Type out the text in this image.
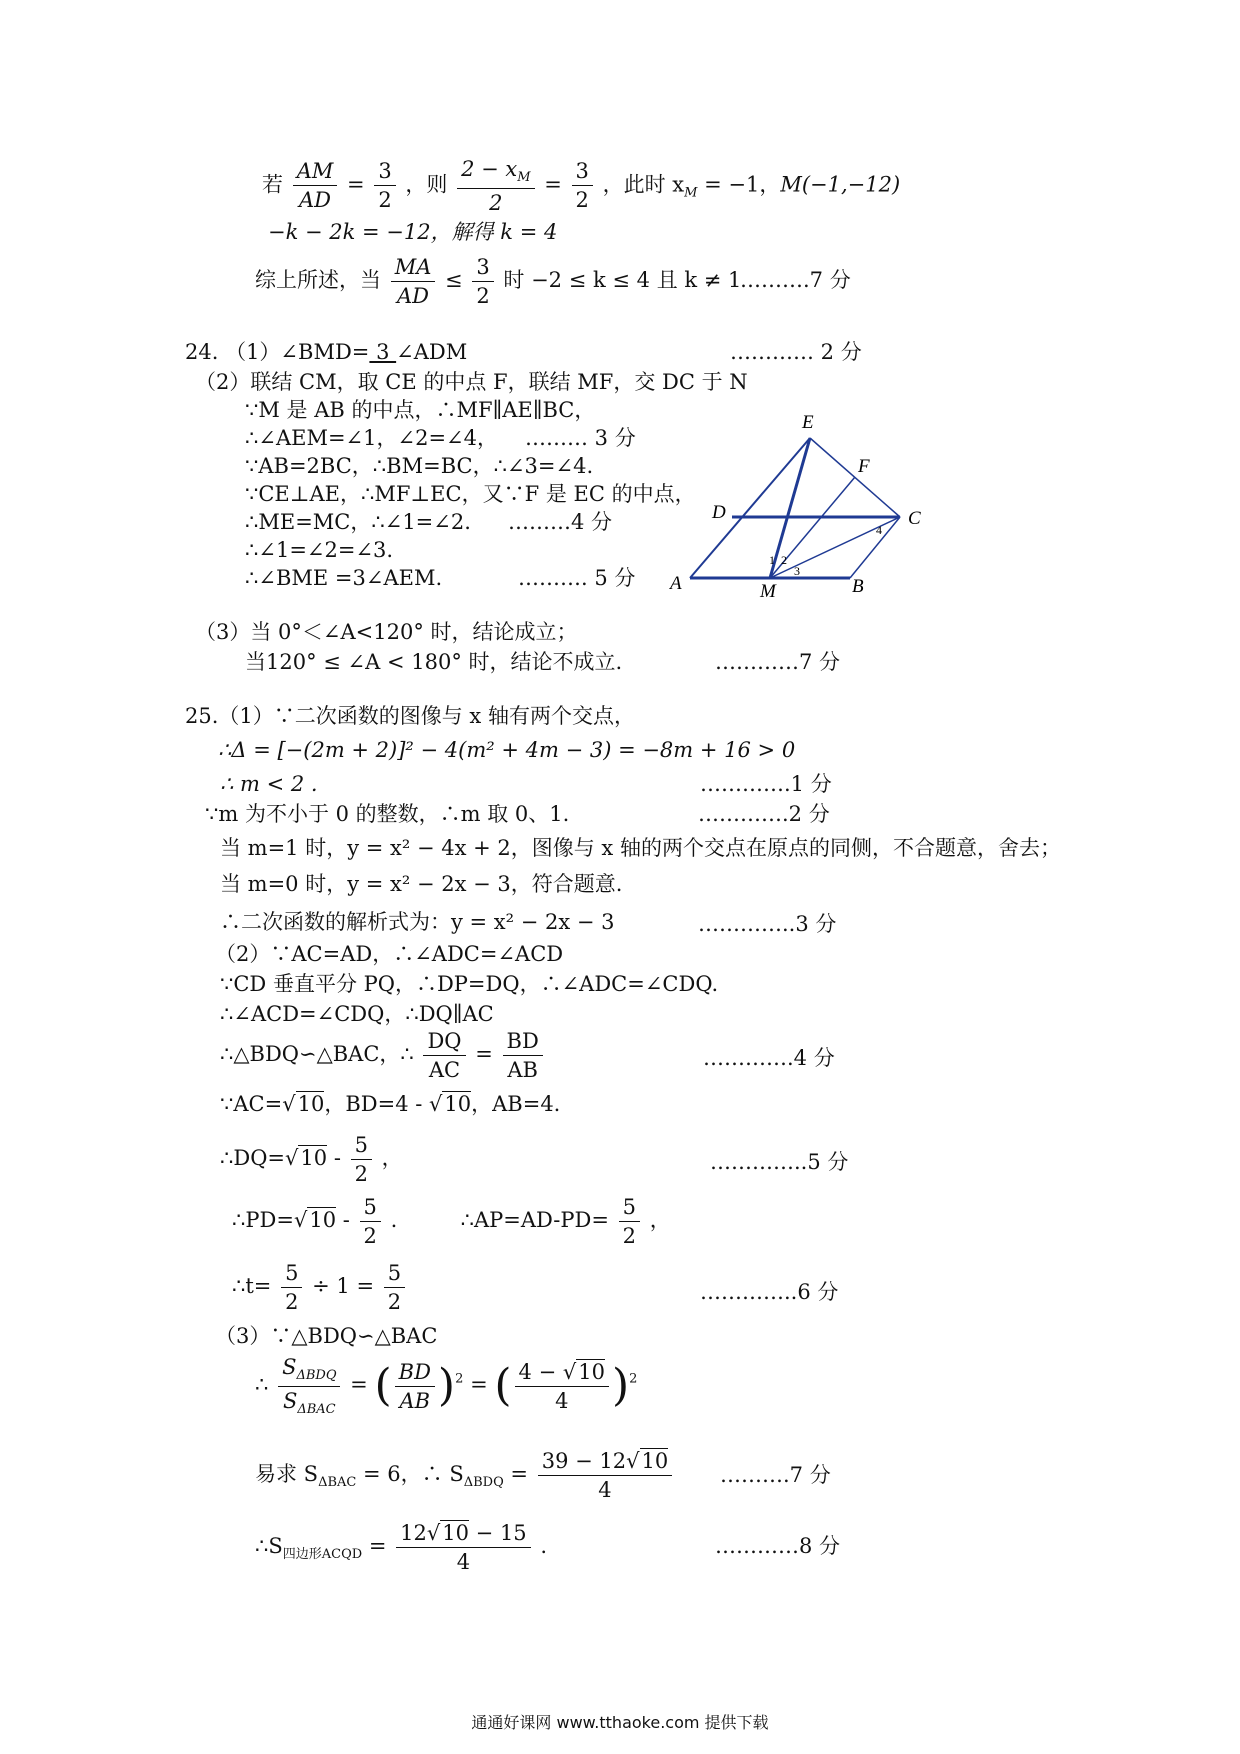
若 $\frac{AM}{AD} = \frac{3}{2}$ ，则 $\frac{2 - x_M}{2} = \frac{3}{2}$ ，此时 $x_M = -1$，M(−1,−12)
−k − 2k = −12，解得 k = 4
综上所述，当 $\frac{MA}{AD} \le \frac{3}{2}$ 时 −2 ≤ k ≤ 4 且 k ≠ 1
……….7 分
24. （1）∠BMD= 3 ∠ADM	………… 2 分
（2）联结 CM，取 CE 的中点 F，联结 MF，交 DC 于 N
∵M 是 AB 的中点，∴MF∥AE∥BC，
∴∠AEM=∠1，∠2=∠4， ……… 3 分
∵AB=2BC，∴BM=BC，∴∠3=∠4.
∵CE⊥AE，∴MF⊥EC，又∵F 是 EC 的中点，
∴ME=MC，∴∠1=∠2. ………4 分
∴∠1=∠2=∠3.
∴∠BME =3∠AEM.	………. 5 分
E
F
D	C
A	M	B
1 2
3
4
（3）当 0°＜∠A<120° 时，结论成立；
当120° ≤ ∠A < 180° 时，结论不成立.	…………7 分
25.（1）∵二次函数的图像与 x 轴有两个交点，
∴Δ = [−(2m + 2)]² − 4(m² + 4m − 3) = −8m + 16 > 0
∴ m < 2 .	………….1 分
∵m 为不小于 0 的整数，∴m 取 0、1.	………….2 分
当 m=1 时，y = x² − 4x + 2，图像与 x 轴的两个交点在原点的同侧，不合题意，舍去；
当 m=0 时，y = x² − 2x − 3，符合题意.
∴二次函数的解析式为：y = x² − 2x − 3	…………..3 分
（2）∵AC=AD，∴∠ADC=∠ACD
∵CD 垂直平分 PQ，∴DP=DQ，∴∠ADC=∠CDQ.
∴∠ACD=∠CDQ，∴DQ∥AC
∴△BDQ∽△BAC，∴ $\frac{DQ}{AC} = \frac{BD}{AB}$	………….4 分
∵AC=√10，BD=4 - √10，AB=4.
∴DQ=√10 - $\frac{5}{2}$ ，	…………..5 分
∴PD=√10 - $\frac{5}{2}$ .	∴AP=AD-PD= $\frac{5}{2}$ ，
∴t= $\frac{5}{2} \div 1 = \frac{5}{2}$	…………..6 分
（3）∵△BDQ∽△BAC
∴ $\frac{S_{\Delta BDQ}}{S_{\Delta BAC}}$ = ( $\frac{BD}{AB} )^2$ = ( $\frac{4 - √10}{4} )^2$
易求 $S_{\Delta BAC} = 6$，∴ $S_{\Delta BDQ} = \frac{39 - 12√10}{4}$ ……….7 分
$\therefore S_{四边形ACQD} = \frac{12√10 - 15}{4}$ .	…………8 分
通通好课网 www.tthaoke.com 提供下载
